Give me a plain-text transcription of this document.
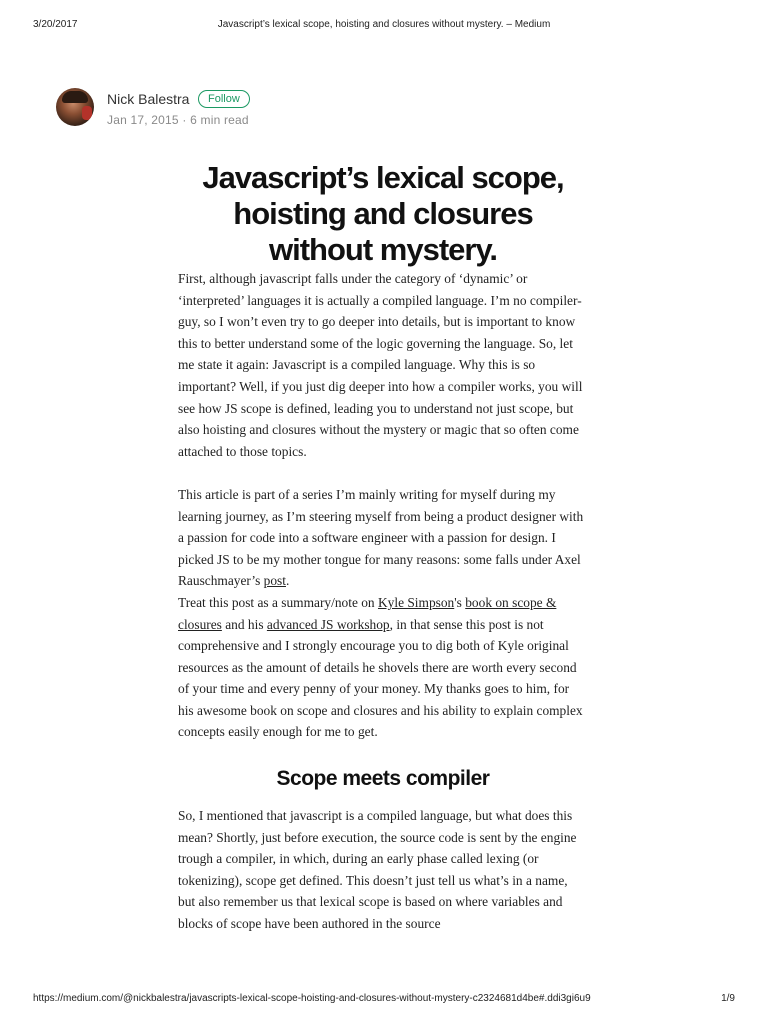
3/20/2017	Javascript’s lexical scope, hoisting and closures without mystery. – Medium
Nick Balestra	Follow
Jan 17, 2015 · 6 min read
Javascript’s lexical scope, hoisting and closures without mystery.

First, although javascript falls under the category of ‘dynamic’ or ‘interpreted’ languages it is actually a compiled language. I’m no compiler-guy, so I won’t even try to go deeper into details, but is important to know this to better understand some of the logic governing the language. So, let me state it again: Javascript is a compiled language. Why this is so important? Well, if you just dig deeper into how a compiler works, you will see how JS scope is defined, leading you to understand not just scope, but also hoisting and closures without the mystery or magic that so often come attached to those topics.

This article is part of a series I’m mainly writing for myself during my learning journey, as I’m steering myself from being a product designer with a passion for code into a software engineer with a passion for design. I picked JS to be my mother tongue for many reasons: some falls under Axel Rauschmayer’s post.

Treat this post as a summary/note on Kyle Simpson's book on scope & closures and his advanced JS workshop, in that sense this post is not comprehensive and I strongly encourage you to dig both of Kyle original resources as the amount of details he shovels there are worth every second of your time and every penny of your money. My thanks goes to him, for his awesome book on scope and closures and his ability to explain complex concepts easily enough for me to get.

Scope meets compiler

So, I mentioned that javascript is a compiled language, but what does this mean? Shortly, just before execution, the source code is sent by the engine trough a compiler, in which, during an early phase called lexing (or tokenizing), scope get defined. This doesn’t just tell us what’s in a name, but also remember us that lexical scope is based on where variables and blocks of scope have been authored in the source

https://medium.com/@nickbalestra/javascripts-lexical-scope-hoisting-and-closures-without-mystery-c2324681d4be#.ddi3gi6u9	1/9
